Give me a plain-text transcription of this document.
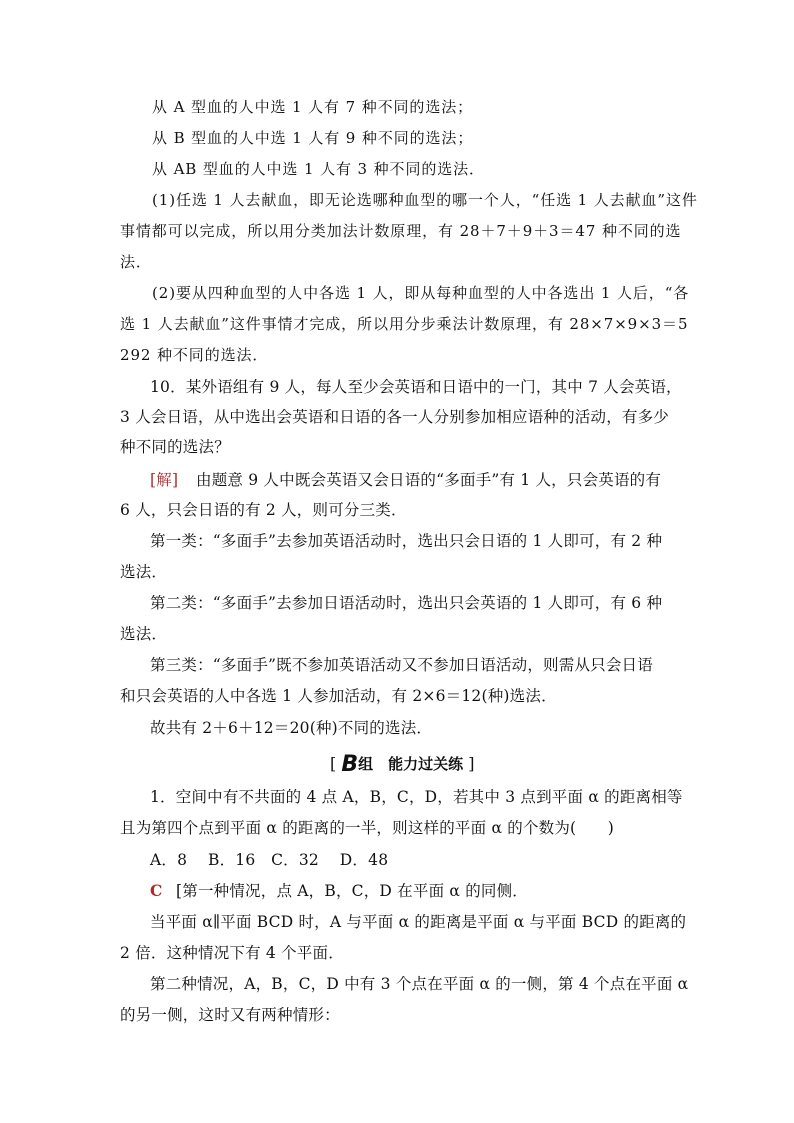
从 A 型血的人中选 1 人有 7 种不同的选法；
从 B 型血的人中选 1 人有 9 种不同的选法；
从 AB 型血的人中选 1 人有 3 种不同的选法．
(1)任选 1 人去献血，即无论选哪种血型的哪一个人，“任选 1 人去献血”这件
事情都可以完成，所以用分类加法计数原理，有 28＋7＋9＋3＝47 种不同的选
法．
(2)要从四种血型的人中各选 1 人，即从每种血型的人中各选出 1 人后，“各
选 1 人去献血”这件事情才完成，所以用分步乘法计数原理，有 28×7×9×3＝5
292 种不同的选法．
10．某外语组有 9 人，每人至少会英语和日语中的一门，其中 7 人会英语，
3 人会日语，从中选出会英语和日语的各一人分别参加相应语种的活动，有多少
种不同的选法？
[解] 由题意 9 人中既会英语又会日语的“多面手”有 1 人，只会英语的有
6 人，只会日语的有 2 人，则可分三类．
第一类：“多面手”去参加英语活动时，选出只会日语的 1 人即可，有 2 种
选法．
第二类：“多面手”去参加日语活动时，选出只会英语的 1 人即可，有 6 种
选法．
第三类：“多面手”既不参加英语活动又不参加日语活动，则需从只会日语
和只会英语的人中各选 1 人参加活动，有 2×6＝12(种)选法．
故共有 2＋6＋12＝20(种)不同的选法．
[ B组　能力过关练 ]
1．空间中有不共面的 4 点 A，B，C，D，若其中 3 点到平面 α 的距离相等
且为第四个点到平面 α 的距离的一半，则这样的平面 α 的个数为(　　)
A．8　 B．16　C．32　 D．48
C [第一种情况，点 A，B，C，D 在平面 α 的同侧．
当平面 α∥平面 BCD 时，A 与平面 α 的距离是平面 α 与平面 BCD 的距离的
2 倍．这种情况下有 4 个平面．
第二种情况，A，B，C，D 中有 3 个点在平面 α 的一侧，第 4 个点在平面 α
的另一侧，这时又有两种情形：
